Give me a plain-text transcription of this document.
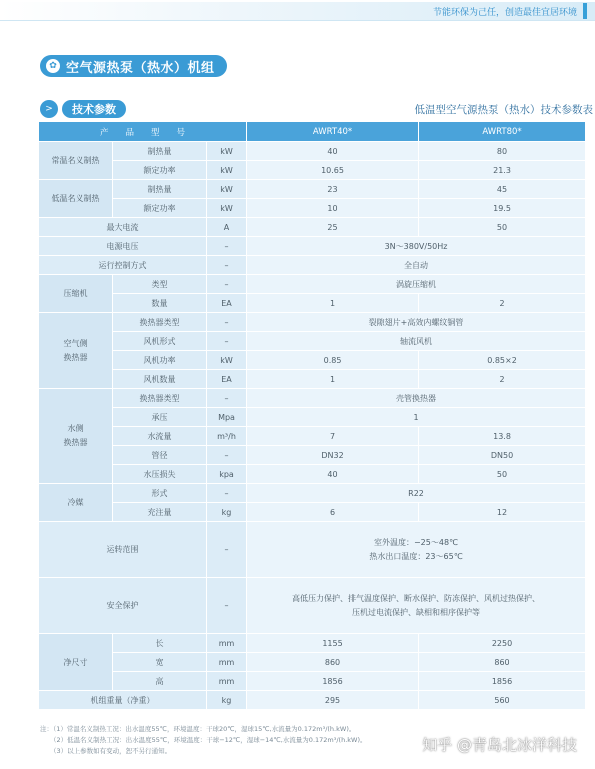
节能环保为己任，创造最佳宜居环境
✿ 空气源热泵（热水）机组
>	技术参数	低温型空气源热泵（热水）技术参数表
产　　品　　型　　号			AWRT40*	AWRT80*
常温名义制热	制热量	kW	40	80
	额定功率	kW	10.65	21.3
低温名义制热	制热量	kW	23	45
	额定功率	kW	10	19.5
最大电流		A	25	50
电源电压		–	3N～380V/50Hz	
运行控制方式		–	全自动	
压缩机	类型	–	涡旋压缩机	
	数量	EA	1	2
空气侧
换热器	换热器类型	–	裂隙翅片+高效内螺纹铜管	
	风机形式	–	轴流风机	
	风机功率	kW	0.85	0.85×2
	风机数量	EA	1	2
水侧
换热器	换热器类型	–	壳管换热器	
	承压	Mpa	1	
	水流量	m³/h	7	13.8
	管径	–	DN32	DN50
	水压损失	kpa	40	50
冷媒	形式	–	R22	
	充注量	kg	6	12
运转范围		–	室外温度：−25～48℃
热水出口温度：23～65℃	
安全保护		–	高低压力保护、排气温度保护、断水保护、防冻保护、风机过热保护、
压机过电流保护、缺相和相序保护等	
净尺寸	长	mm	1155	2250
	宽	mm	860	860
	高	mm	1856	1856
机组重量（净重）		kg	295	560
注：（1）常温名义制热工况：出水温度55℃，环境温度：干球20℃，湿球15℃,水流量为0.172m³/(h.kW)。
（2）低温名义制热工况：出水温度55℃，环境温度：干球−12℃，湿球−14℃,水流量为0.172m³/(h.kW)。
（3）以上参数如有变动，恕不另行通知。	知乎 @青岛北冰洋科技
